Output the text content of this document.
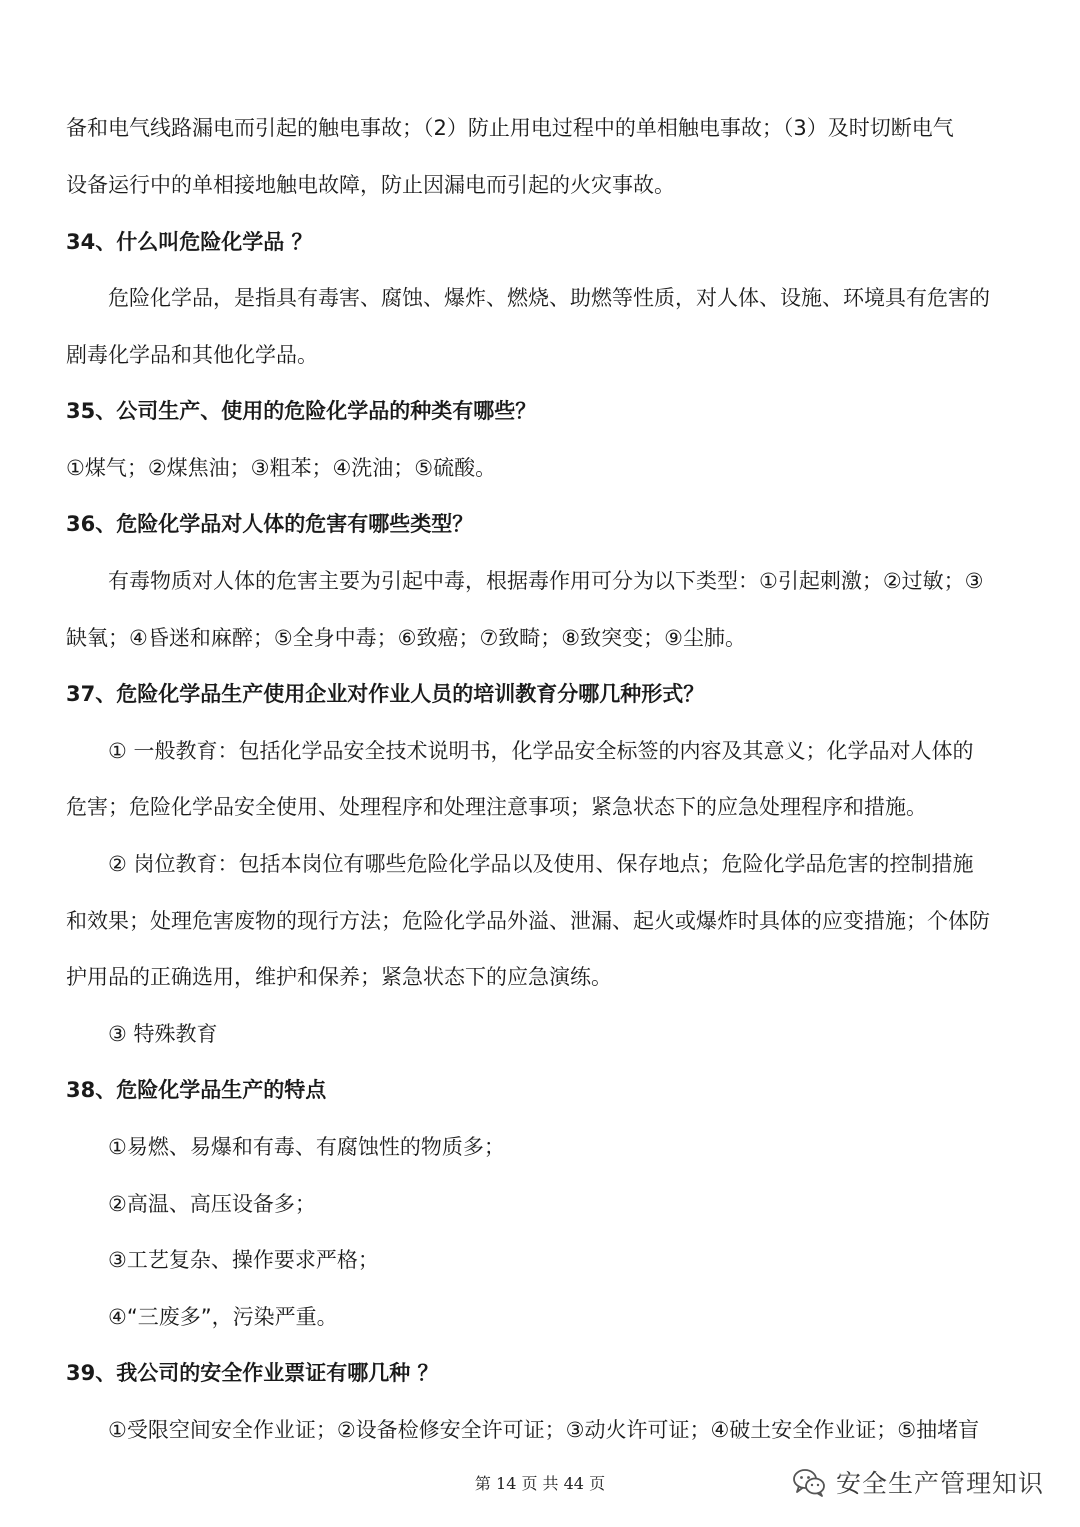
备和电气线路漏电而引起的触电事故；（2）防止用电过程中的单相触电事故；（3）及时切断电气
设备运行中的单相接地触电故障，防止因漏电而引起的火灾事故。
34、什么叫危险化学品 ？
危险化学品，是指具有毒害、腐蚀、爆炸、燃烧、助燃等性质，对人体、设施、环境具有危害的
剧毒化学品和其他化学品。
35、公司生产、使用的危险化学品的种类有哪些？
①煤气；②煤焦油；③粗苯；④洗油；⑤硫酸。
36、危险化学品对人体的危害有哪些类型？
有毒物质对人体的危害主要为引起中毒，根据毒作用可分为以下类型：①引起刺激；②过敏；③
缺氧；④昏迷和麻醉；⑤全身中毒；⑥致癌；⑦致畸；⑧致突变；⑨尘肺。
37、危险化学品生产使用企业对作业人员的培训教育分哪几种形式？
① 一般教育：包括化学品安全技术说明书，化学品安全标签的内容及其意义；化学品对人体的
危害；危险化学品安全使用、处理程序和处理注意事项；紧急状态下的应急处理程序和措施。
② 岗位教育：包括本岗位有哪些危险化学品以及使用、保存地点；危险化学品危害的控制措施
和效果；处理危害废物的现行方法；危险化学品外溢、泄漏、起火或爆炸时具体的应变措施；个体防
护用品的正确选用，维护和保养；紧急状态下的应急演练。
③ 特殊教育
38、危险化学品生产的特点
①易燃、易爆和有毒、有腐蚀性的物质多；
②高温、高压设备多；
③工艺复杂、操作要求严格；
④“三废多”，污染严重。
39、我公司的安全作业票证有哪几种 ？
①受限空间安全作业证；②设备检修安全许可证；③动火许可证；④破土安全作业证；⑤抽堵盲
第 14 页 共 44 页	安全生产管理知识
